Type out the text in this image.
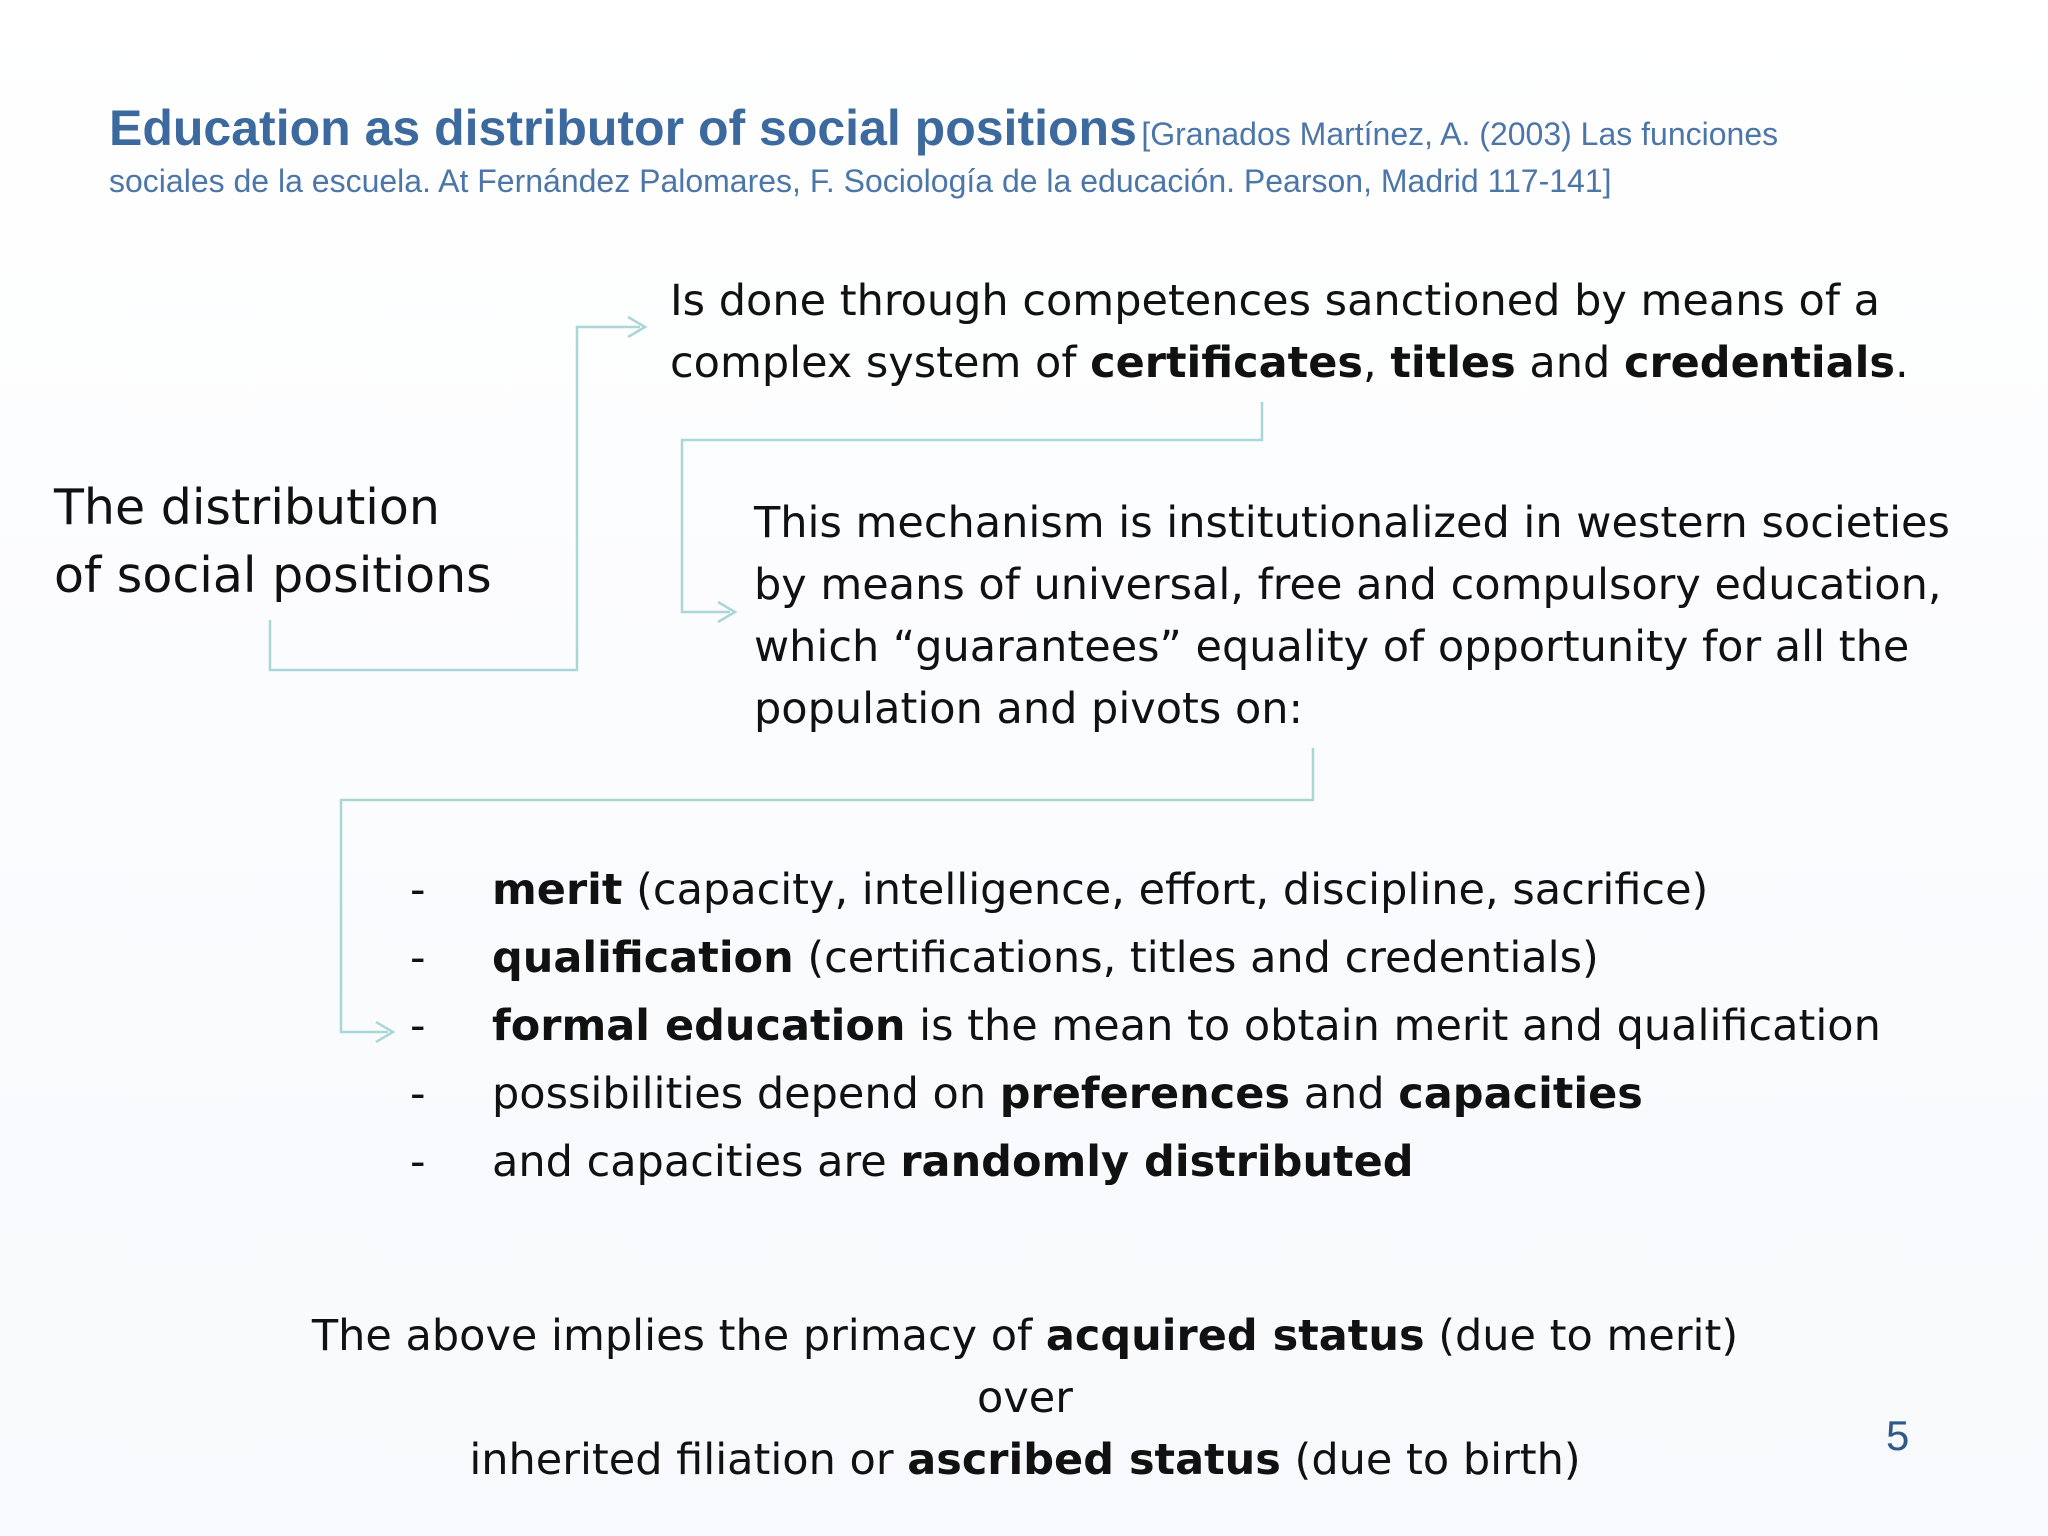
Education as distributor of social positions [Granados Martínez, A. (2003) Las funciones
sociales de la escuela. At Fernández Palomares, F. Sociología de la educación. Pearson, Madrid 117-141]
Is done through competences sanctioned by means of a complex system of certificates, titles and credentials.
The distribution
of social positions
This mechanism is institutionalized in western societies by means of universal, free and compulsory education, which “guarantees” equality of opportunity for all the population and pivots on:
- merit (capacity, intelligence, effort, discipline, sacrifice)
- qualification (certifications, titles and credentials)
- formal education is the mean to obtain merit and qualification
- possibilities depend on preferences and capacities
- and capacities are randomly distributed
The above implies the primacy of acquired status (due to merit)
over
inherited filiation or ascribed status (due to birth)	5
